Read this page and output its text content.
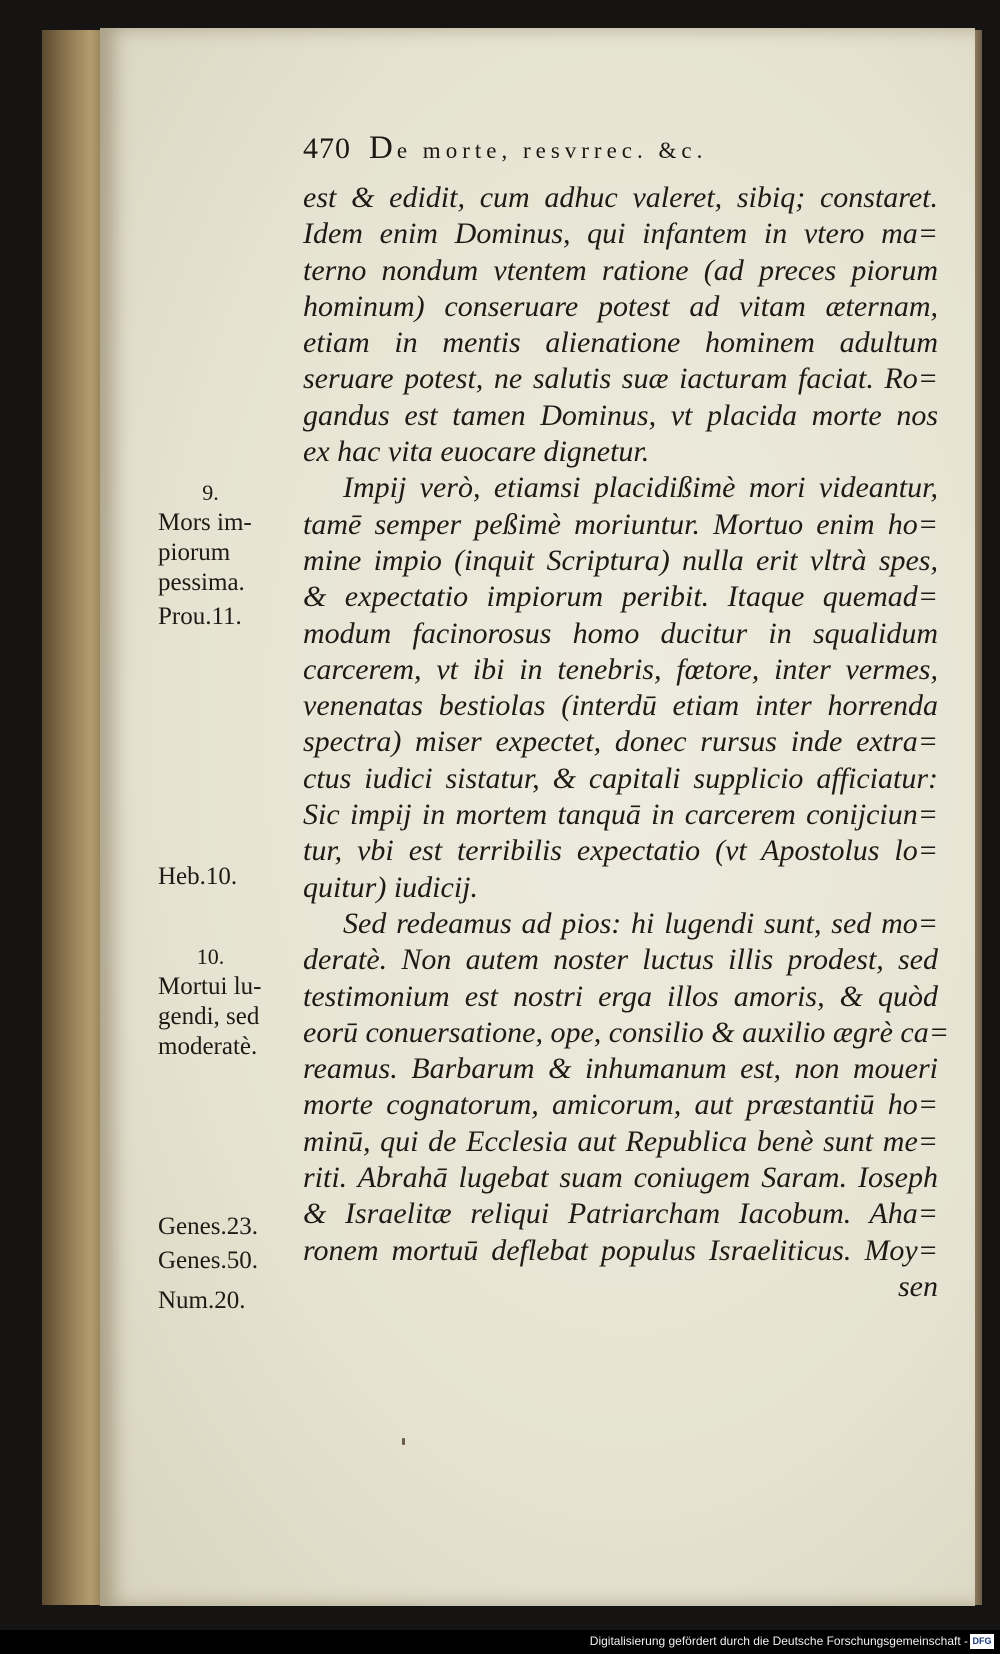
470 De morte, resvrrec. &c.
est & edidit, cum adhuc valeret, sibiq; constaret.
Idem enim Dominus, qui infantem in vtero ma=
terno nondum vtentem ratione (ad preces piorum
hominum) conseruare potest ad vitam æternam,
etiam in mentis alienatione hominem adultum
seruare potest, ne salutis suæ iacturam faciat. Ro=
gandus est tamen Dominus, vt placida morte nos
ex hac vita euocare dignetur.
Impij verò, etiamsi placidißimè mori videantur,
tamē semper peßimè moriuntur. Mortuo enim ho=
mine impio (inquit Scriptura) nulla erit vltrà spes,
& expectatio impiorum peribit. Itaque quemad=
modum facinorosus homo ducitur in squalidum
carcerem, vt ibi in tenebris, fœtore, inter vermes,
venenatas bestiolas (interdū etiam inter horrenda
spectra) miser expectet, donec rursus inde extra=
ctus iudici sistatur, & capitali supplicio afficiatur:
Sic impij in mortem tanquā in carcerem conijciun=
tur, vbi est terribilis expectatio (vt Apostolus lo=
quitur) iudicij.
Sed redeamus ad pios: hi lugendi sunt, sed mo=
deratè. Non autem noster luctus illis prodest, sed
testimonium est nostri erga illos amoris, & quòd
eorū conuersatione, ope, consilio & auxilio ægrè ca=
reamus. Barbarum & inhumanum est, non moueri
morte cognatorum, amicorum, aut præstantiū ho=
minū, qui de Ecclesia aut Republica benè sunt me=
riti. Abrahā lugebat suam coniugem Saram. Ioseph
& Israelitæ reliqui Patriarcham Iacobum. Aha=
ronem mortuū deflebat populus Israeliticus. Moy=
sen
9.
Mors im-
piorum
pessima.
Prou.11.
Heb.10.
10.
Mortui lu-
gendi, sed
moderatè.
Genes.23.
Genes.50.
Num.20.
Digitalisierung gefördert durch die Deutsche Forschungsgemeinschaft - DFG
